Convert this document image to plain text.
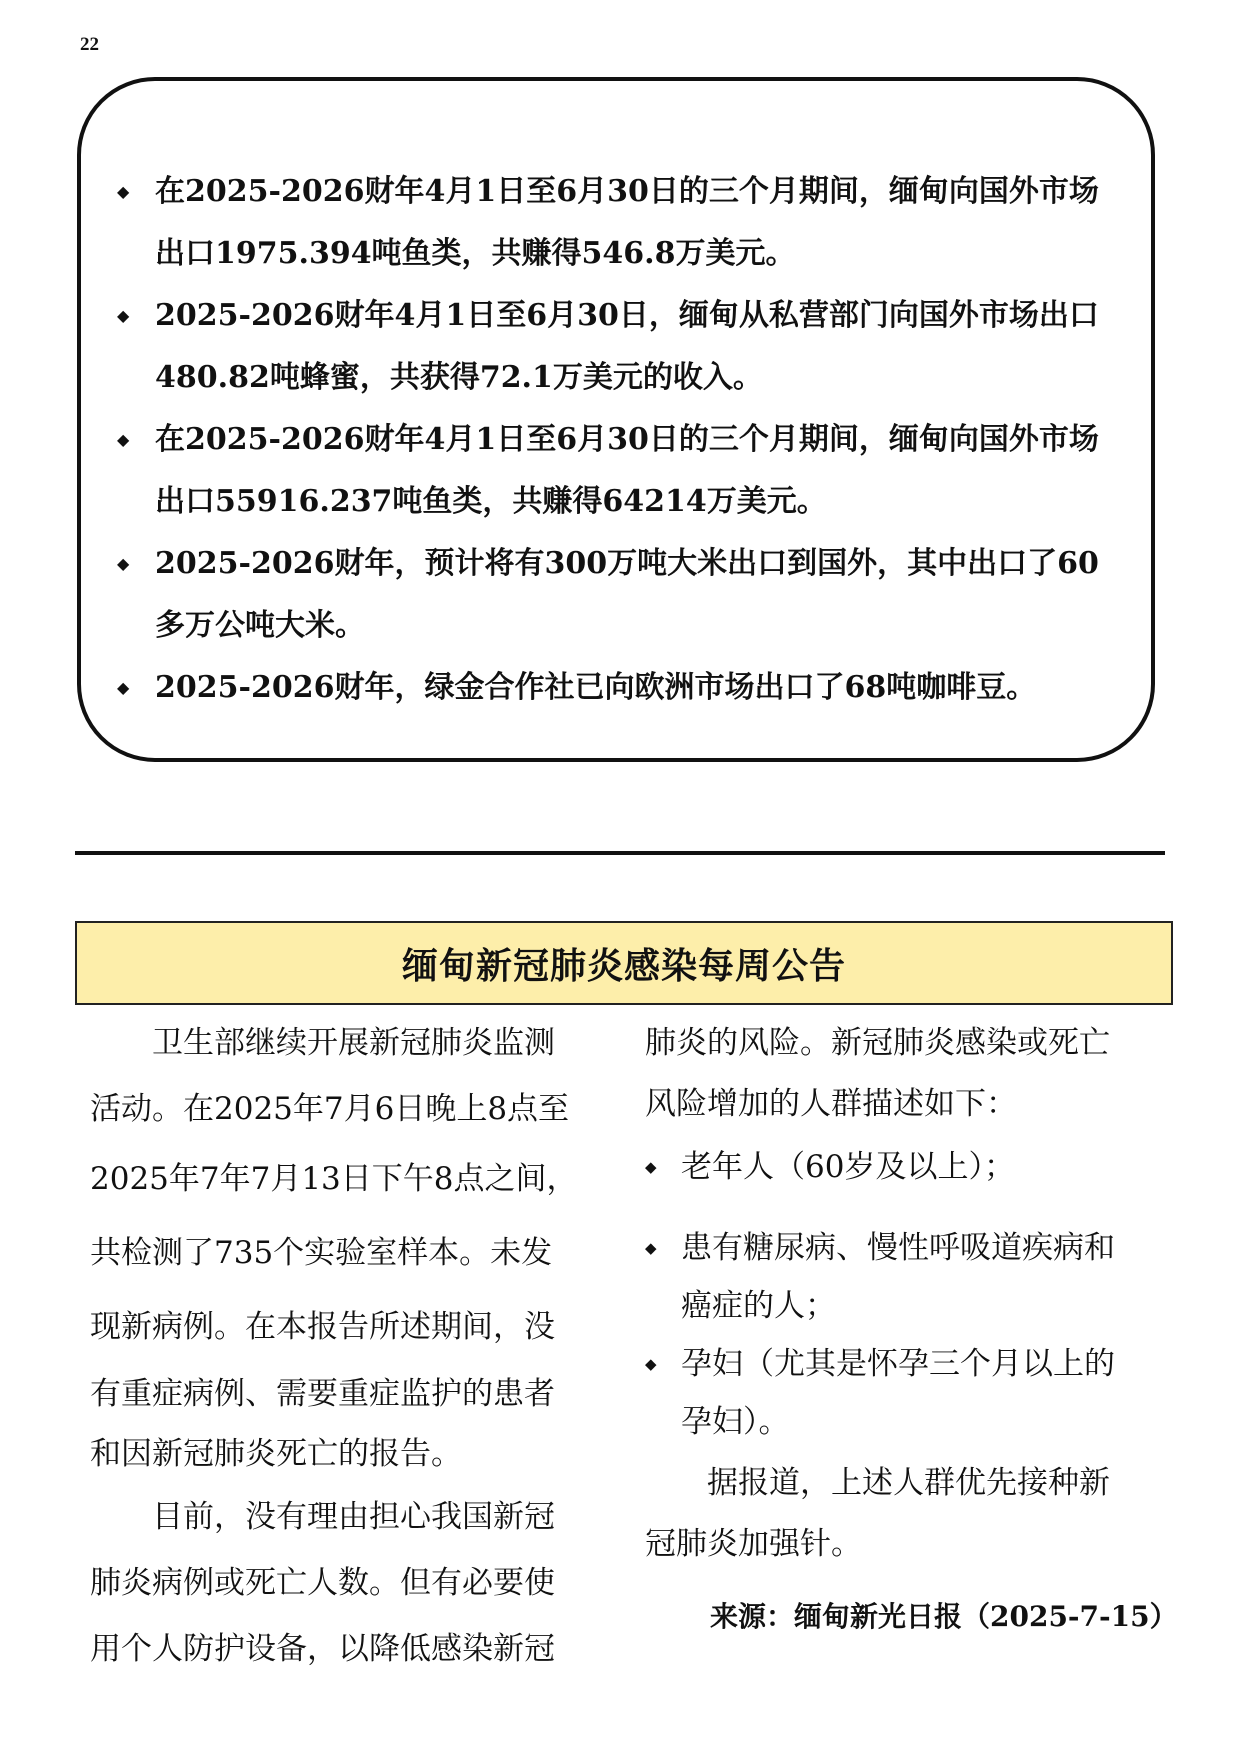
22
◆ 在2025-2026财年4月1日至6月30日的三个月期间，缅甸向国外市场
出口1975.394吨鱼类，共赚得546.8万美元。
◆ 2025-2026财年4月1日至6月30日，缅甸从私营部门向国外市场出口
480.82吨蜂蜜，共获得72.1万美元的收入。
◆ 在2025-2026财年4月1日至6月30日的三个月期间，缅甸向国外市场
出口55916.237吨鱼类，共赚得64214万美元。
◆ 2025-2026财年，预计将有300万吨大米出口到国外，其中出口了60
多万公吨大米。
◆ 2025-2026财年，绿金合作社已向欧洲市场出口了68吨咖啡豆。
缅甸新冠肺炎感染每周公告
　　卫生部继续开展新冠肺炎监测
活动。在2025年7月6日晚上8点至
2025年7年7月13日下午8点之间，
共检测了735个实验室样本。未发
现新病例。在本报告所述期间，没
有重症病例、需要重症监护的患者
和因新冠肺炎死亡的报告。
　　目前，没有理由担心我国新冠
肺炎病例或死亡人数。但有必要使
用个人防护设备，以降低感染新冠
肺炎的风险。新冠肺炎感染或死亡
风险增加的人群描述如下：
◆ 老年人（60岁及以上）；
◆ 患有糖尿病、慢性呼吸道疾病和
癌症的人；
◆ 孕妇（尤其是怀孕三个月以上的
孕妇）。
　　据报道，上述人群优先接种新
冠肺炎加强针。
来源：缅甸新光日报（2025-7-15）
